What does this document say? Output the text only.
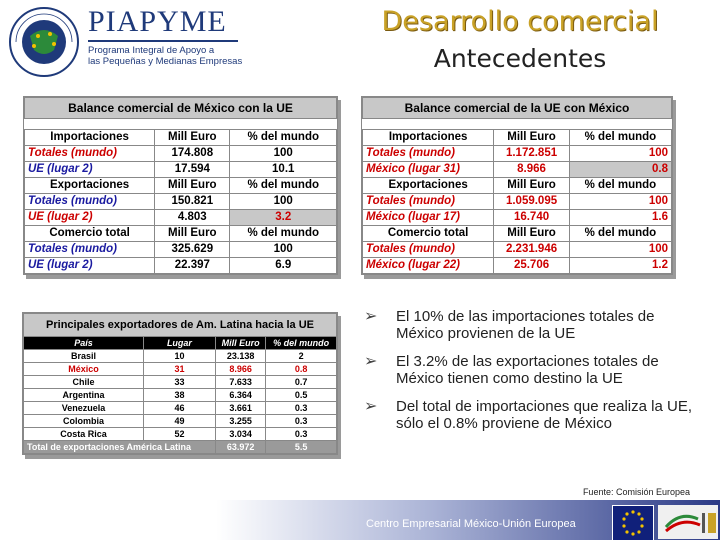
PIAPYME
Programa Integral de Apoyo a
las Pequeñas y Medianas Empresas
Desarrollo comercial
Antecedentes
Balance comercial de México con la UE		

Importaciones	Mill Euro	% del mundo
Totales (mundo)	174.808	100
UE (lugar 2)	17.594	10.1
Exportaciones	Mill Euro	% del mundo
Totales (mundo)	150.821	100
UE (lugar 2)	4.803	3.2
Comercio total	Mill Euro	% del mundo
Totales (mundo)	325.629	100
UE (lugar 2)	22.397	6.9
Balance comercial de la UE con México		

Importaciones	Mill Euro	% del mundo
Totales (mundo)	1.172.851	100
México (lugar 31)	8.966	0.8
Exportaciones	Mill Euro	% del mundo
Totales (mundo)	1.059.095	100
México (lugar 17)	16.740	1.6
Comercio total	Mill Euro	% del mundo
Totales (mundo)	2.231.946	100
México (lugar 22)	25.706	1.2
Principales exportadores de Am. Latina hacia la UE			
País	Lugar	Mill Euro	% del mundo
Brasil	10	23.138	2
México	31	8.966	0.8
Chile	33	7.633	0.7
Argentina	38	6.364	0.5
Venezuela	46	3.661	0.3
Colombia	49	3.255	0.3
Costa Rica	52	3.034	0.3
Total de exportaciones América Latina		63.972	5.5
➢	El 10% de las importaciones totales de México provienen de la UE
➢	El 3.2% de las exportaciones totales de México tienen como destino la UE
➢	Del total de importaciones que realiza la UE, sólo el 0.8% proviene de México
Fuente: Comisión Europea
Centro Empresarial México-Unión Europea
